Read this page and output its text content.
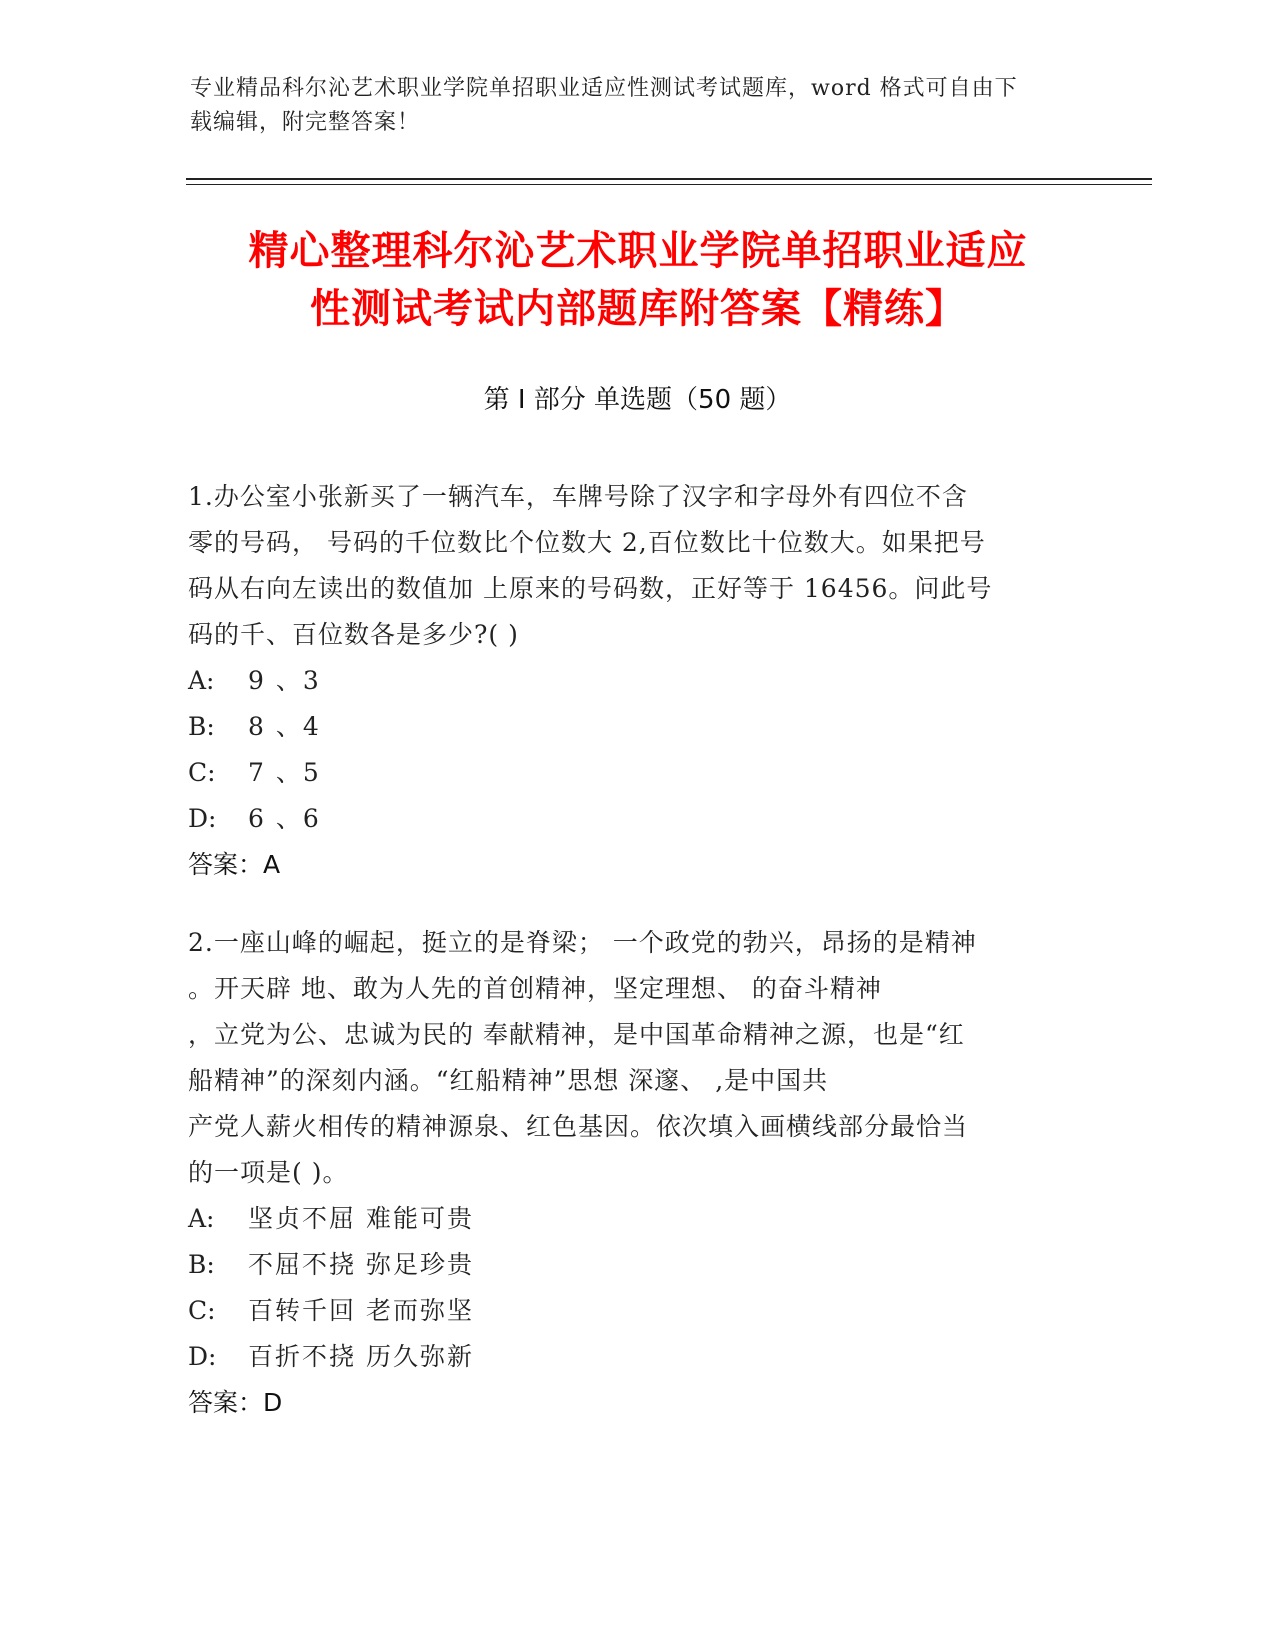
专业精品科尔沁艺术职业学院单招职业适应性测试考试题库，word 格式可自由下
载编辑，附完整答案！
精心整理科尔沁艺术职业学院单招职业适应
性测试考试内部题库附答案【精练】
第 I 部分 单选题（50 题）
1.办公室小张新买了一辆汽车，车牌号除了汉字和字母外有四位不含
零的号码， 号码的千位数比个位数大 2,百位数比十位数大。如果把号
码从右向左读出的数值加 上原来的号码数，正好等于 16456。问此号
码的千、百位数各是多少?( )
A:	9 、3
B:	8 、4
C:	7 、5
D:	6 、6
答案：A
2.一座山峰的崛起，挺立的是脊梁； 一个政党的勃兴，昂扬的是精神
。开天辟 地、敢为人先的首创精神，坚定理想、 的奋斗精神
，立党为公、忠诚为民的 奉献精神，是中国革命精神之源，也是“红
船精神”的深刻内涵。“红船精神”思想 深邃、 ,是中国共
产党人薪火相传的精神源泉、红色基因。依次填入画横线部分最恰当
的一项是( )。
A:	坚贞不屈 难能可贵
B:	不屈不挠 弥足珍贵
C:	百转千回 老而弥坚
D:	百折不挠 历久弥新
答案：D
